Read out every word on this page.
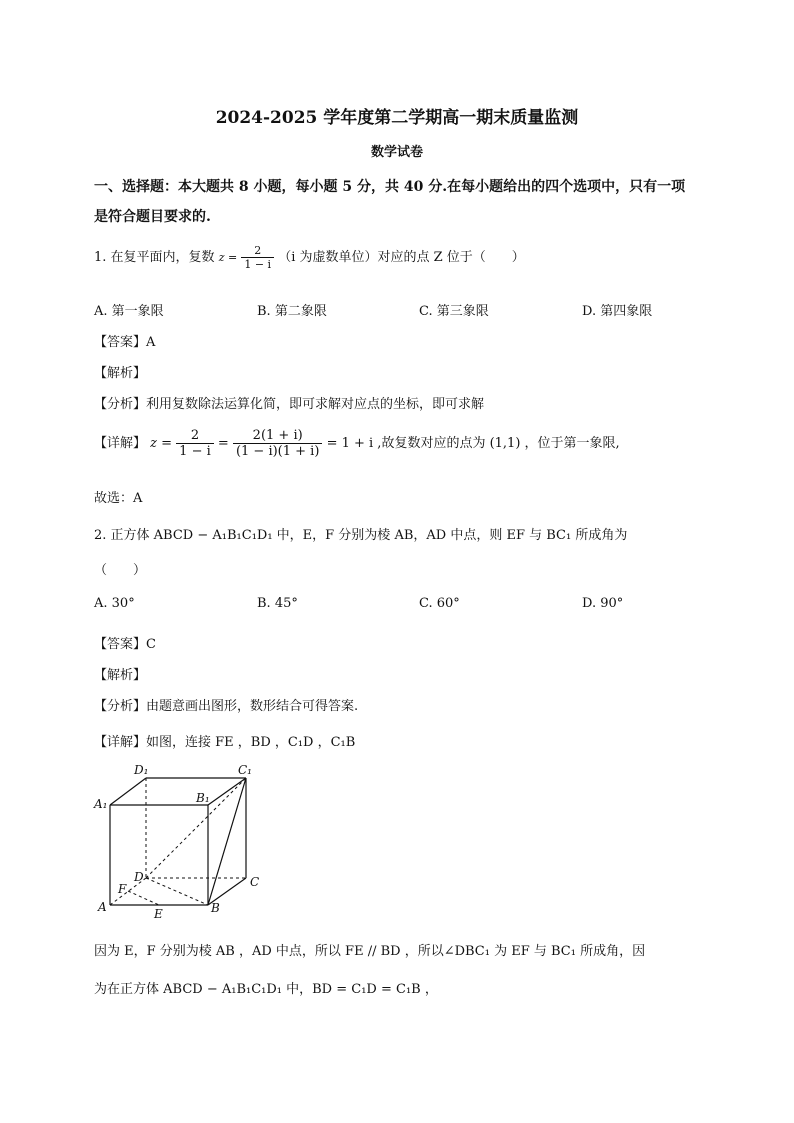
2024-2025 学年度第二学期高一期末质量监测
数学试卷
一、选择题：本大题共 8 小题，每小题 5 分，共 40 分.在每小题给出的四个选项中，只有一项
是符合题目要求的.
1. 在复平面内，复数 $z = \frac{2}{1 - i} (i$ 为虚数单位）对应的点 Z 位于（　　）
A. 第一象限	B. 第二象限	C. 第三象限	D. 第四象限
【答案】A
【解析】
【分析】利用复数除法运算化简，即可求解对应点的坐标，即可求解
【详解】 $z = \frac{2}{1 - i} = \frac{2(1 + i)}{(1 - i)(1 + i)} = 1 + i$ ,故复数对应的点为 (1,1) ，位于第一象限,
故选：A
2. 正方体 ABCD − A₁B₁C₁D₁ 中，E，F 分别为棱 AB，AD 中点，则 EF 与 BC₁ 所成角为
（　　）
A. 30°	B. 45°	C. 60°	D. 90°
【答案】C
【解析】
【分析】由题意画出图形，数形结合可得答案.
【详解】如图，连接 FE ，BD ，C₁D ，C₁B
D₁	C₁
A₁	B₁
D	C
A	B
E
F
因为 E，F 分别为棱 AB ，AD 中点，所以 FE // BD ，所以∠DBC₁ 为 EF 与 BC₁ 所成角，因
为在正方体 ABCD − A₁B₁C₁D₁ 中，BD = C₁D = C₁B ，
